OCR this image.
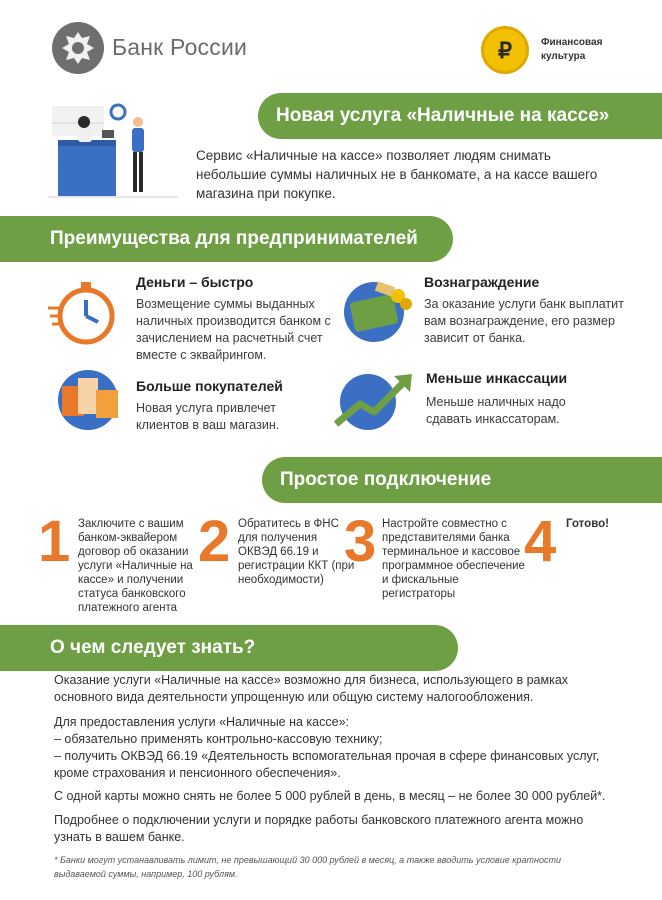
Банк России	₽	Финансовая
культура
Новая услуга «Наличные на кассе»
Сервис «Наличные на кассе» позволяет людям снимать небольшие суммы наличных не в банкомате, а на кассе вашего магазина при покупке.
Преимущества для предпринимателей
Деньги – быстро
Возмещение суммы выданных наличных производится банком с зачислением на расчетный счет вместе с эквайрингом.
Вознаграждение
За оказание услуги банк выплатит вам вознаграждение, его размер зависит от банка.
Больше покупателей
Новая услуга привлечет клиентов в ваш магазин.
Меньше инкассации
Меньше наличных надо сдавать инкассаторам.
Простое подключение
1 Заключите с вашим банком-эквайером договор об оказании услуги «Наличные на кассе» и получении статуса банковского платежного агента
2 Обратитесь в ФНС для получения ОКВЭД 66.19 и регистрации ККТ (при необходимости)
3 Настройте совместно с представителями банка терминальное и кассовое программное обеспечение и фискальные регистраторы
4 Готово!
О чем следует знать?
Оказание услуги «Наличные на кассе» возможно для бизнеса, использующего в рамках основного вида деятельности упрощенную или общую систему налогообложения.
Для предоставления услуги «Наличные на кассе»:
– обязательно применять контрольно-кассовую технику;
– получить ОКВЭД 66.19 «Деятельность вспомогательная прочая в сфере финансовых услуг, кроме страхования и пенсионного обеспечения».
С одной карты можно снять не более 5 000 рублей в день, в месяц – не более 30 000 рублей*.
Подробнее о подключении услуги и порядке работы банковского платежного агента можно узнать в вашем банке.
* Банки могут устанавливать лимит, не превышающий 30 000 рублей в месяц, а также вводить условие кратности выдаваемой суммы, например, 100 рублям.
